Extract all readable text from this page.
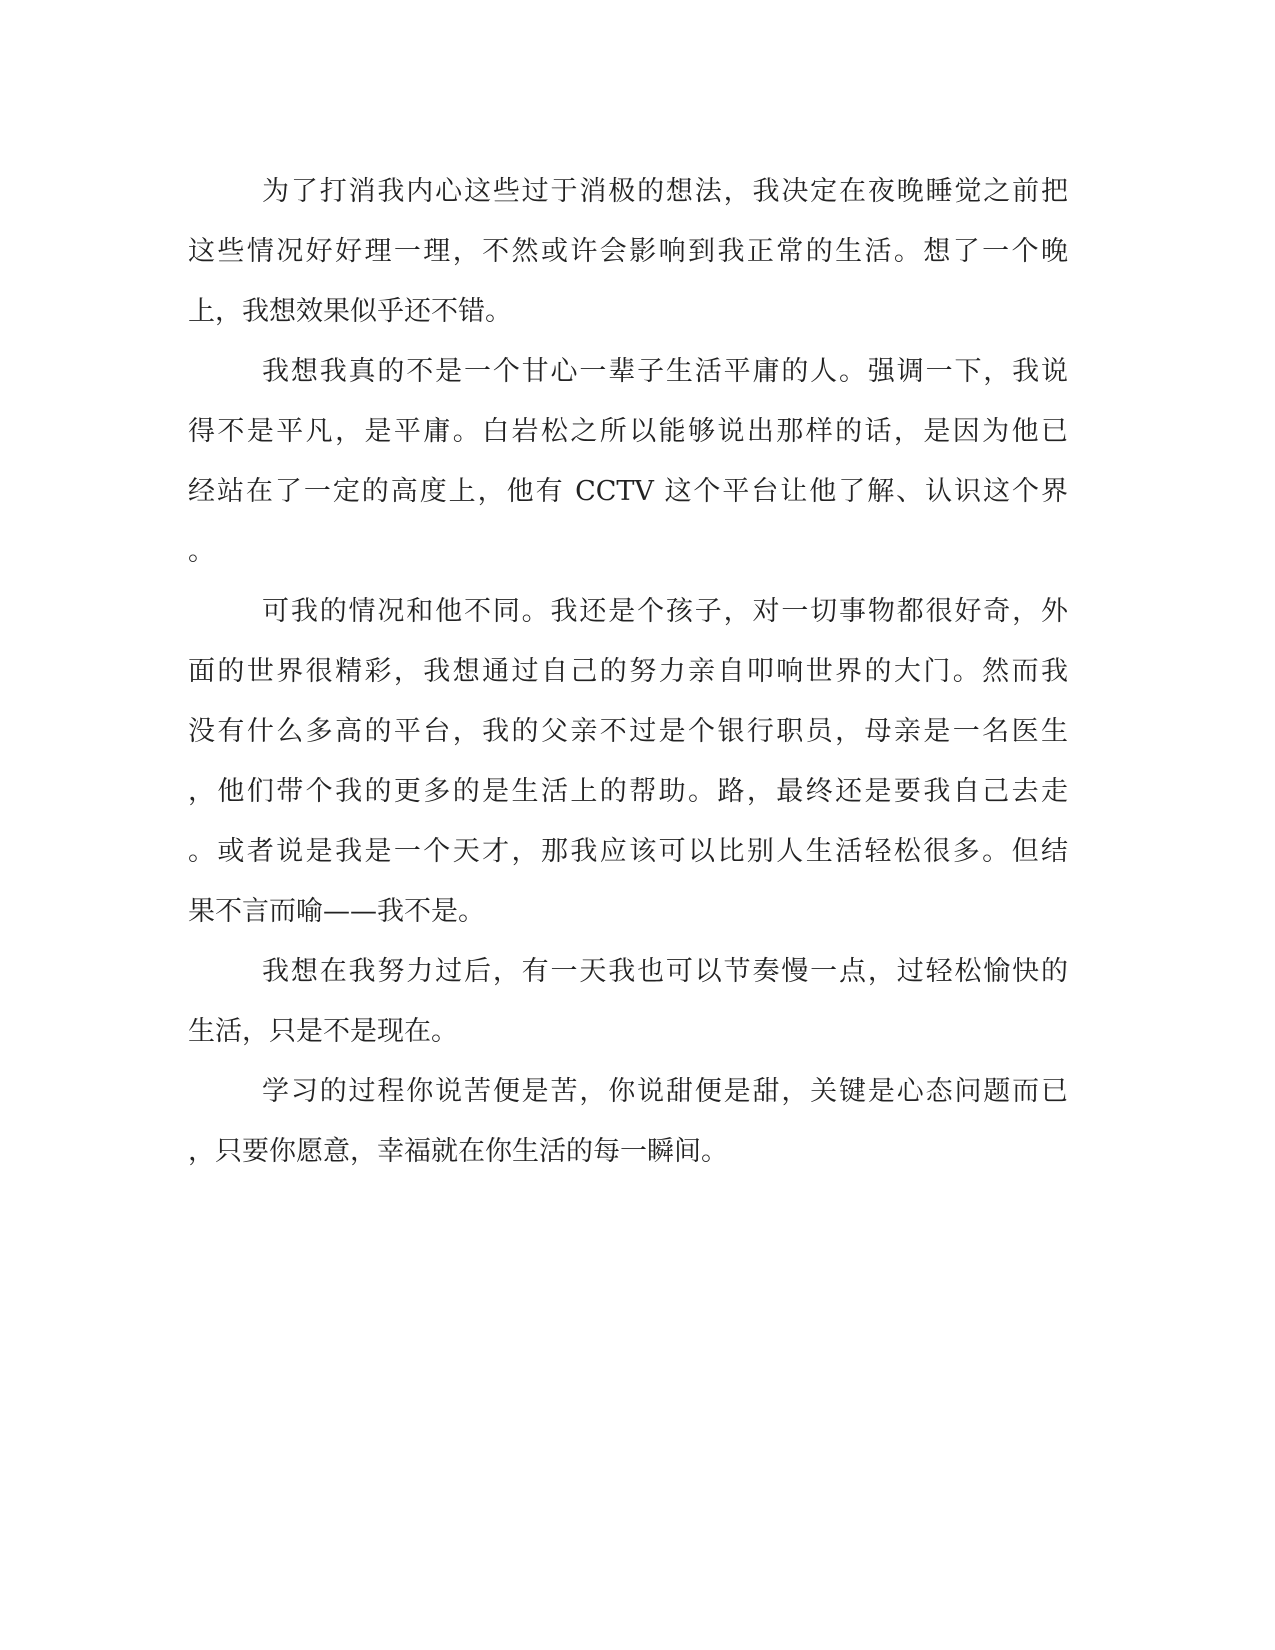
为了打消我内心这些过于消极的想法，我决定在夜晚睡觉之前把
这些情况好好理一理，不然或许会影响到我正常的生活。想了一个晚
上，我想效果似乎还不错。
我想我真的不是一个甘心一辈子生活平庸的人。强调一下，我说
得不是平凡，是平庸。白岩松之所以能够说出那样的话，是因为他已
经站在了一定的高度上，他有 CCTV 这个平台让他了解、认识这个界
。
可我的情况和他不同。我还是个孩子，对一切事物都很好奇，外
面的世界很精彩，我想通过自己的努力亲自叩响世界的大门。然而我
没有什么多高的平台，我的父亲不过是个银行职员，母亲是一名医生
，他们带个我的更多的是生活上的帮助。路，最终还是要我自己去走
。或者说是我是一个天才，那我应该可以比别人生活轻松很多。但结
果不言而喻——我不是。
我想在我努力过后，有一天我也可以节奏慢一点，过轻松愉快的
生活，只是不是现在。
学习的过程你说苦便是苦，你说甜便是甜，关键是心态问题而已
，只要你愿意，幸福就在你生活的每一瞬间。
